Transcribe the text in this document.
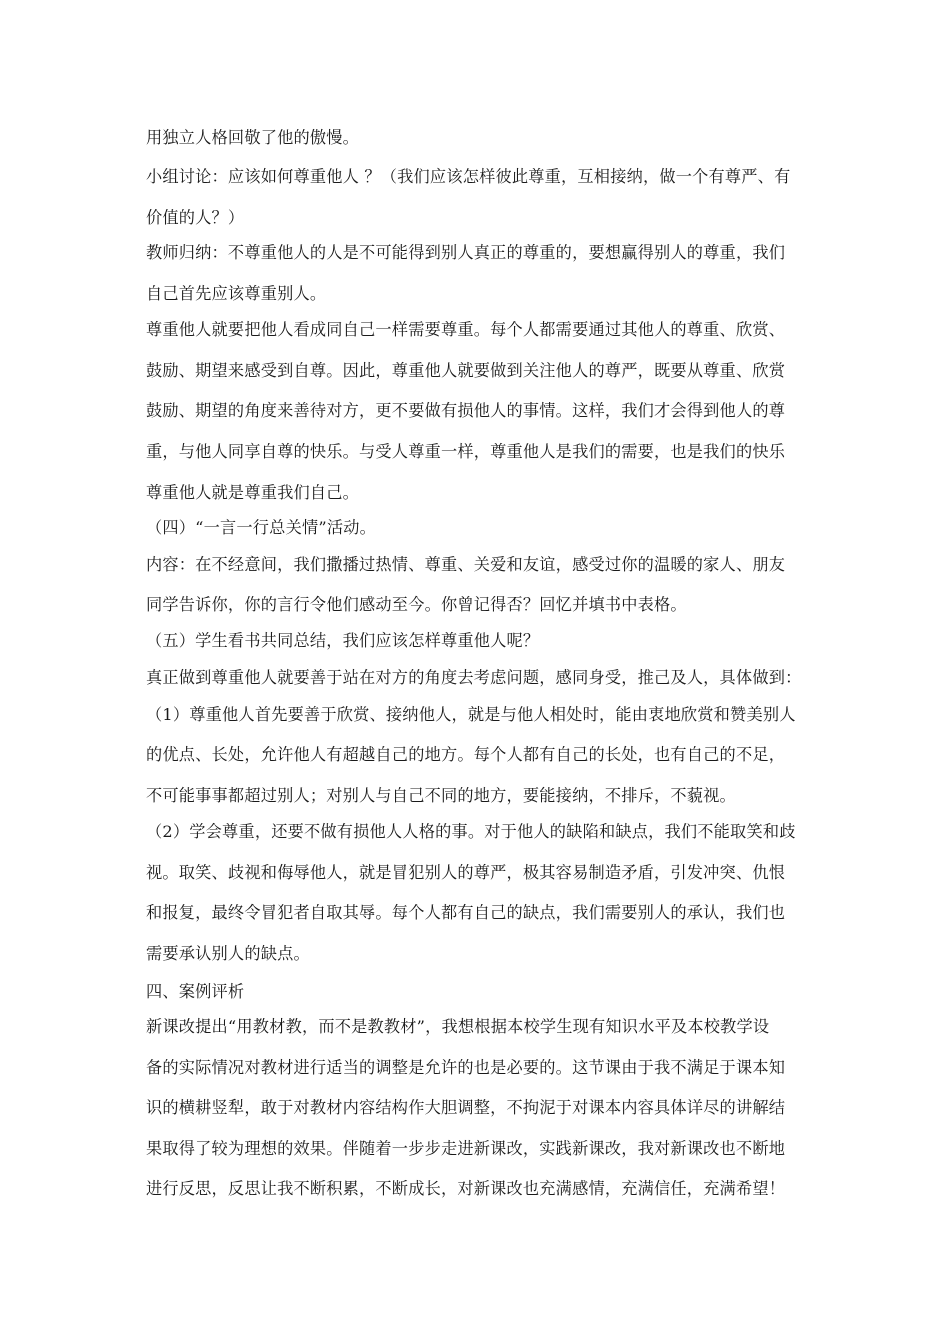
用独立人格回敬了他的傲慢。
小组讨论：应该如何尊重他人 ？（我们应该怎样彼此尊重，互相接纳，做一个有尊严、有
价值的人？）
教师归纳：不尊重他人的人是不可能得到别人真正的尊重的，要想赢得别人的尊重，我们
自己首先应该尊重别人。
尊重他人就要把他人看成同自己一样需要尊重。每个人都需要通过其他人的尊重、欣赏、
鼓励、期望来感受到自尊。因此，尊重他人就要做到关注他人的尊严，既要从尊重、欣赏
鼓励、期望的角度来善待对方，更不要做有损他人的事情。这样，我们才会得到他人的尊
重，与他人同享自尊的快乐。与受人尊重一样，尊重他人是我们的需要，也是我们的快乐
尊重他人就是尊重我们自己。
（四）“一言一行总关情”活动。
内容：在不经意间，我们撒播过热情、尊重、关爱和友谊，感受过你的温暖的家人、朋友
同学告诉你，你的言行令他们感动至今。你曾记得否？回忆并填书中表格。
（五）学生看书共同总结，我们应该怎样尊重他人呢？
真正做到尊重他人就要善于站在对方的角度去考虑问题，感同身受，推己及人，具体做到：
（1）尊重他人首先要善于欣赏、接纳他人，就是与他人相处时，能由衷地欣赏和赞美别人
的优点、长处，允许他人有超越自己的地方。每个人都有自己的长处，也有自己的不足，
不可能事事都超过别人；对别人与自己不同的地方，要能接纳，不排斥，不藐视。
（2）学会尊重，还要不做有损他人人格的事。对于他人的缺陷和缺点，我们不能取笑和歧
视。取笑、歧视和侮辱他人，就是冒犯别人的尊严，极其容易制造矛盾，引发冲突、仇恨
和报复，最终令冒犯者自取其辱。每个人都有自己的缺点，我们需要别人的承认，我们也
需要承认别人的缺点。
四、案例评析
新课改提出“用教材教，而不是教教材”，我想根据本校学生现有知识水平及本校教学设
备的实际情况对教材进行适当的调整是允许的也是必要的。这节课由于我不满足于课本知
识的横耕竖犁，敢于对教材内容结构作大胆调整，不拘泥于对课本内容具体详尽的讲解结
果取得了较为理想的效果。伴随着一步步走进新课改，实践新课改，我对新课改也不断地
进行反思，反思让我不断积累，不断成长，对新课改也充满感情，充满信任，充满希望！
